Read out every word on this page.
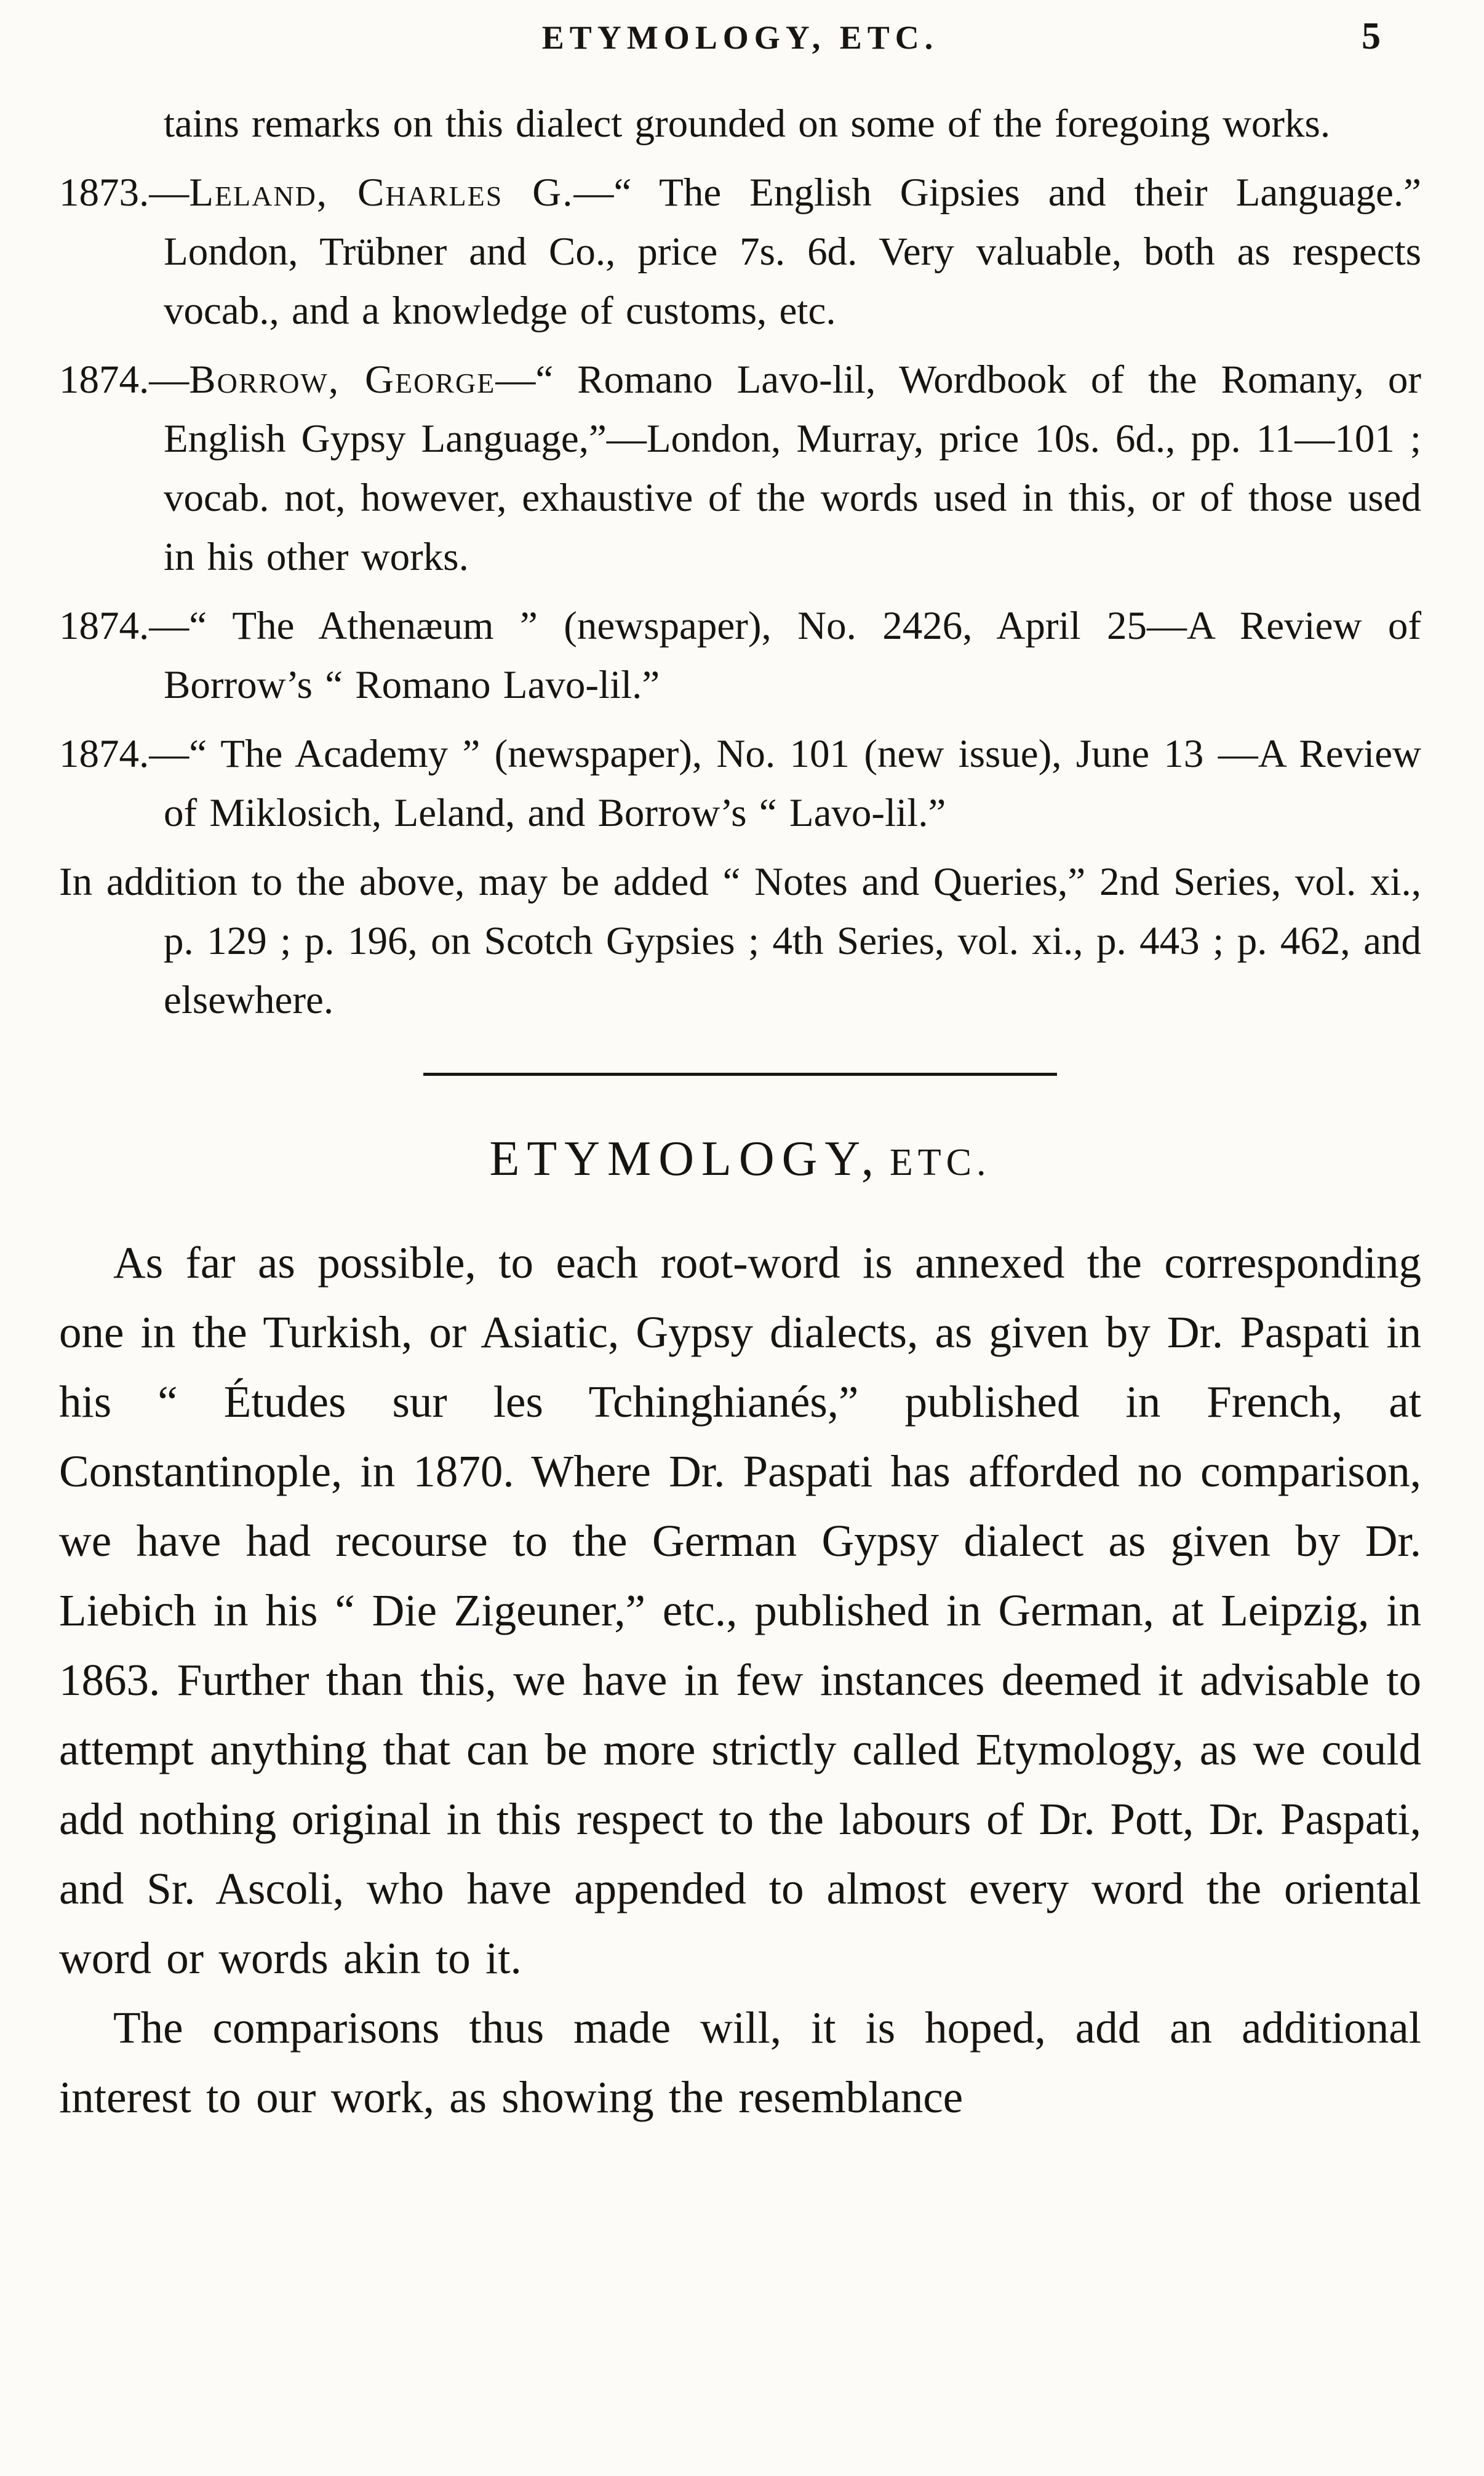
ETYMOLOGY, ETC.	5

tains remarks on this dialect grounded on some of the foregoing works.

1873.—Leland, Charles G.—“ The English Gipsies and their Language.” London, Trübner and Co., price 7s. 6d. Very valuable, both as respects vocab., and a knowledge of customs, etc.

1874.—Borrow, George—“ Romano Lavo-lil, Wordbook of the Romany, or English Gypsy Language,”—London, Murray, price 10s. 6d., pp. 11—101 ; vocab. not, however, exhaustive of the words used in this, or of those used in his other works.

1874.—“ The Athenæum ” (newspaper), No. 2426, April 25—A Review of Borrow’s “ Romano Lavo-lil.”

1874.—“ The Academy ” (newspaper), No. 101 (new issue), June 13 —A Review of Miklosich, Leland, and Borrow’s “ Lavo-lil.”

In addition to the above, may be added “ Notes and Queries,” 2nd Series, vol. xi., p. 129 ; p. 196, on Scotch Gypsies ; 4th Series, vol. xi., p. 443 ; p. 462, and elsewhere.

ETYMOLOGY, ETC.

As far as possible, to each root-word is annexed the corresponding one in the Turkish, or Asiatic, Gypsy dialects, as given by Dr. Paspati in his “ Études sur les Tchinghianés,” published in French, at Constantinople, in 1870. Where Dr. Paspati has afforded no comparison, we have had recourse to the German Gypsy dialect as given by Dr. Liebich in his “ Die Zigeuner,” etc., published in German, at Leipzig, in 1863. Further than this, we have in few instances deemed it advisable to attempt anything that can be more strictly called Etymology, as we could add nothing original in this respect to the labours of Dr. Pott, Dr. Paspati, and Sr. Ascoli, who have appended to almost every word the oriental word or words akin to it.

The comparisons thus made will, it is hoped, add an additional interest to our work, as showing the resemblance
